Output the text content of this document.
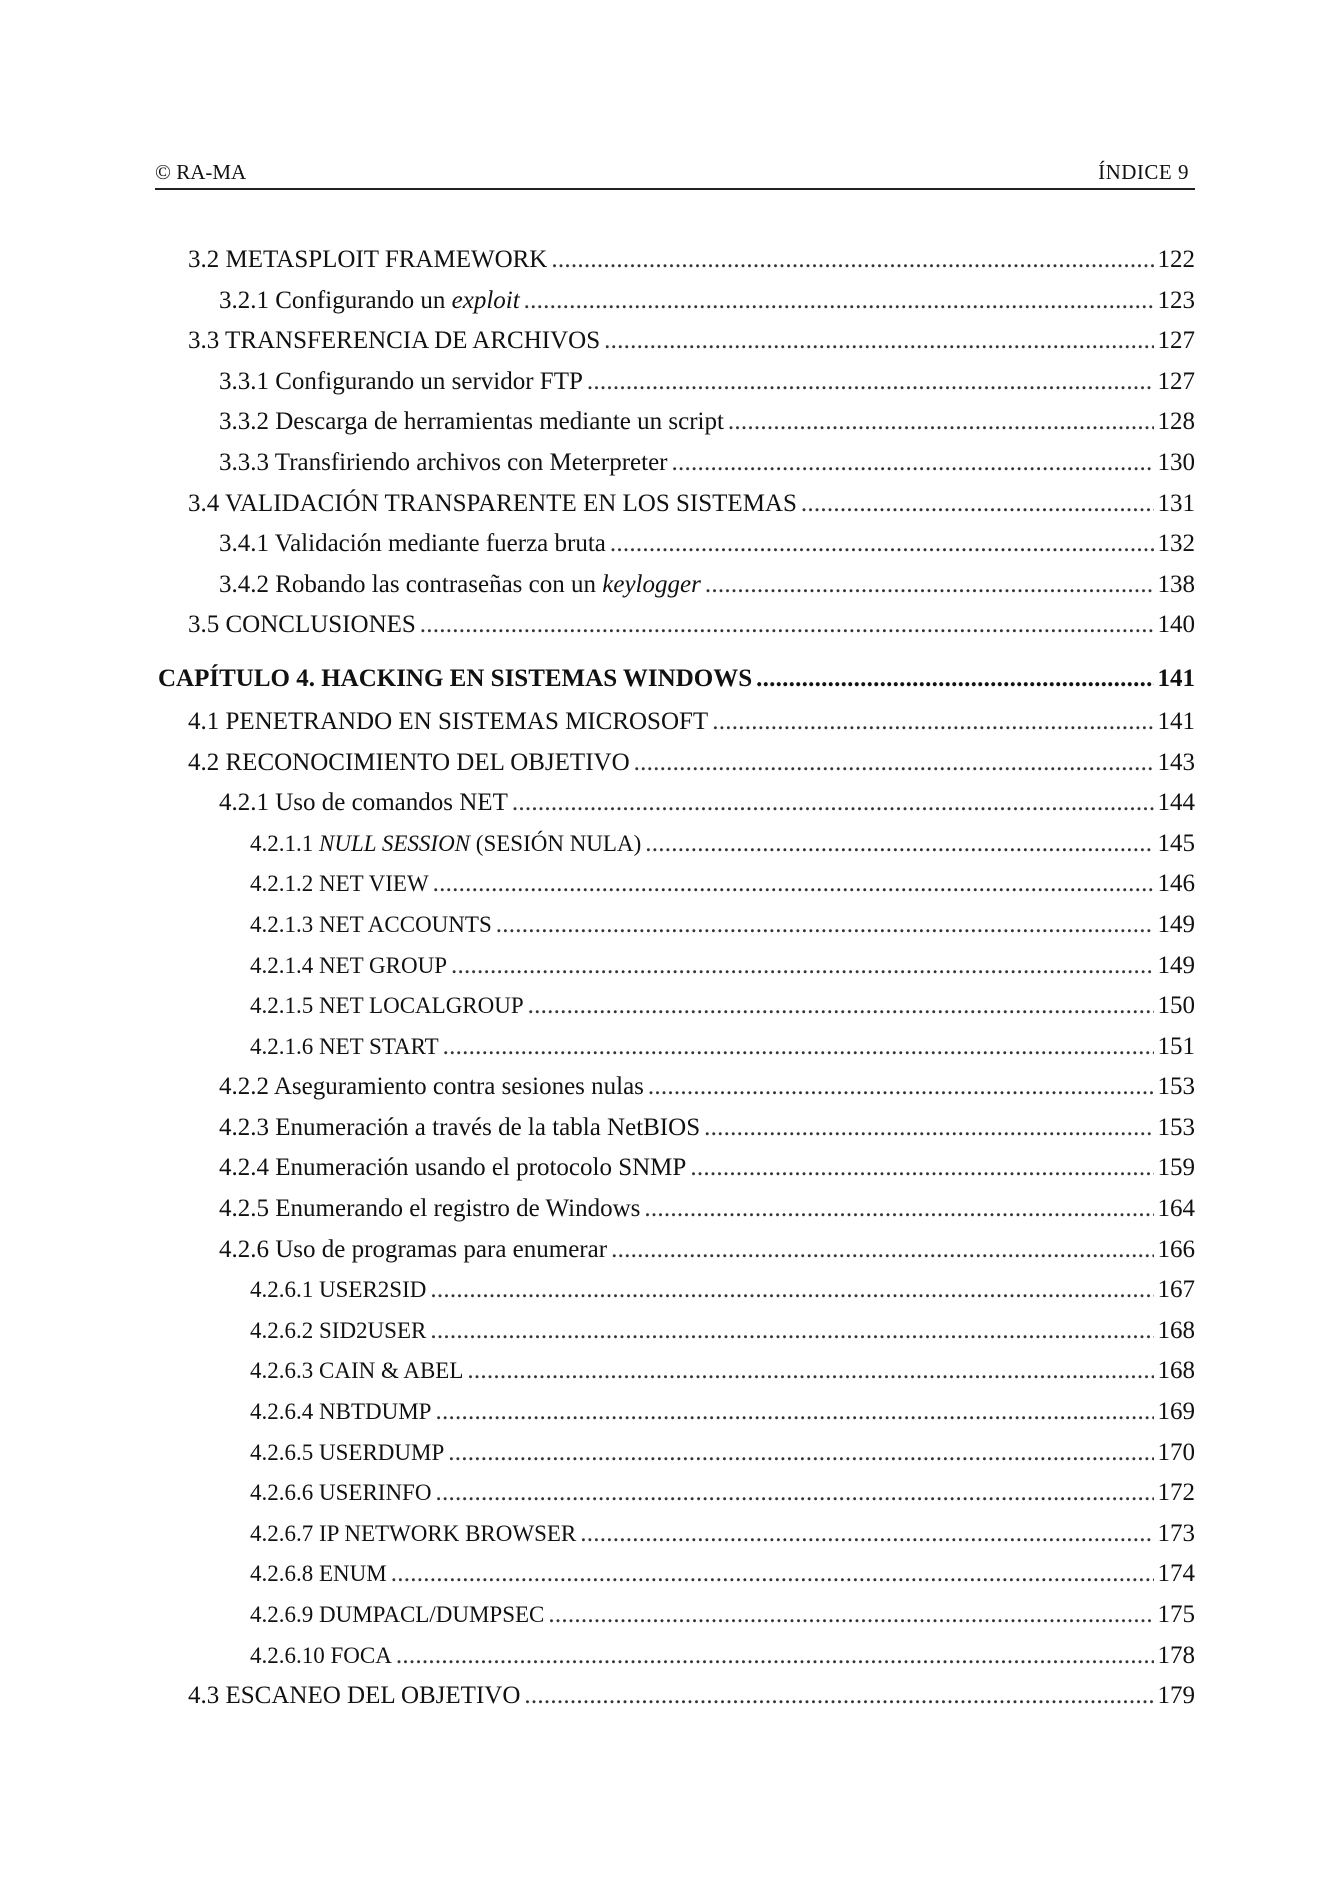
© RA-MA	ÍNDICE 9
3.2 METASPLOIT FRAMEWORK . . .	122
3.2.1 Configurando un exploit . . .	123
3.3 TRANSFERENCIA DE ARCHIVOS . . .	127
3.3.1 Configurando un servidor FTP . . .	127
3.3.2 Descarga de herramientas mediante un script . . .	128
3.3.3 Transfiriendo archivos con Meterpreter . . .	130
3.4 VALIDACIÓN TRANSPARENTE EN LOS SISTEMAS . . .	131
3.4.1 Validación mediante fuerza bruta . . .	132
3.4.2 Robando las contraseñas con un keylogger . . .	138
3.5 CONCLUSIONES . . .	140
CAPÍTULO 4. HACKING EN SISTEMAS WINDOWS . . .	141
4.1 PENETRANDO EN SISTEMAS MICROSOFT . . .	141
4.2 RECONOCIMIENTO DEL OBJETIVO . . .	143
4.2.1 Uso de comandos NET . . .	144
4.2.1.1 NULL SESSION (SESIÓN NULA) . . .	145
4.2.1.2 NET VIEW . . .	146
4.2.1.3 NET ACCOUNTS . . .	149
4.2.1.4 NET GROUP . . .	149
4.2.1.5 NET LOCALGROUP . . .	150
4.2.1.6 NET START . . .	151
4.2.2 Aseguramiento contra sesiones nulas . . .	153
4.2.3 Enumeración a través de la tabla NetBIOS . . .	153
4.2.4 Enumeración usando el protocolo SNMP . . .	159
4.2.5 Enumerando el registro de Windows . . .	164
4.2.6 Uso de programas para enumerar . . .	166
4.2.6.1 USER2SID . . .	167
4.2.6.2 SID2USER . . .	168
4.2.6.3 CAIN & ABEL . . .	168
4.2.6.4 NBTDUMP . . .	169
4.2.6.5 USERDUMP . . .	170
4.2.6.6 USERINFO . . .	172
4.2.6.7 IP NETWORK BROWSER . . .	173
4.2.6.8 ENUM . . .	174
4.2.6.9 DUMPACL/DUMPSEC . . .	175
4.2.6.10 FOCA . . .	178
4.3 ESCANEO DEL OBJETIVO . . .	179
